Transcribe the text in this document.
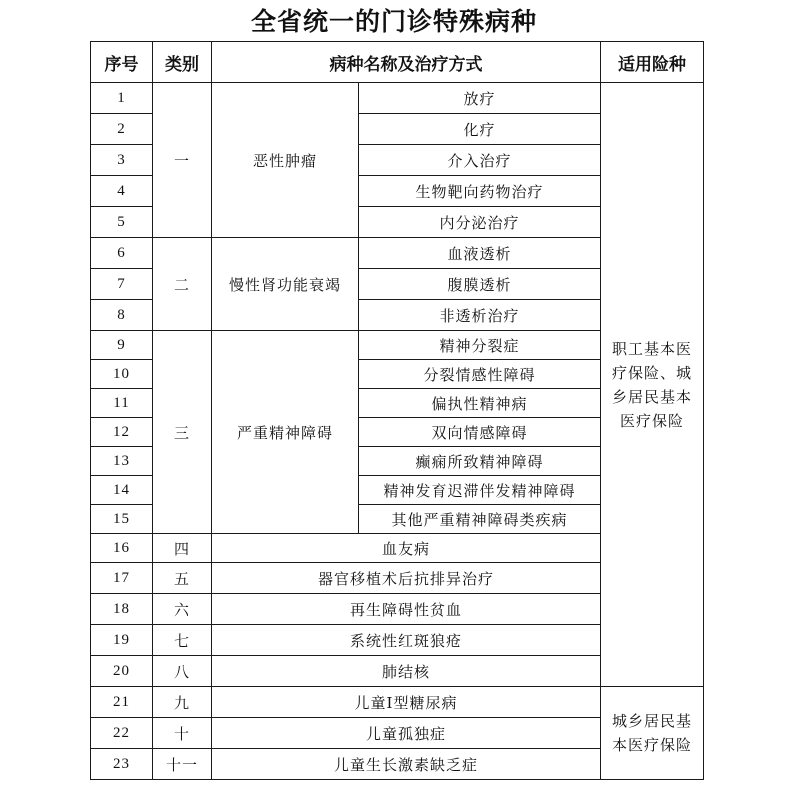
全省统一的门诊特殊病种
序号	类别	病种名称及治疗方式		适用险种
1	一	恶性肿瘤	放疗	职工基本医疗保险、城乡居民基本医疗保险
2			化疗	
3			介入治疗	
4			生物靶向药物治疗	
5			内分泌治疗	
6	二	慢性肾功能衰竭	血液透析	
7			腹膜透析	
8			非透析治疗	
9	三	严重精神障碍	精神分裂症	
10			分裂情感性障碍	
11			偏执性精神病	
12			双向情感障碍	
13			癫痫所致精神障碍	
14			精神发育迟滞伴发精神障碍	
15			其他严重精神障碍类疾病	
16	四	血友病		
17	五	器官移植术后抗排异治疗		
18	六	再生障碍性贫血		
19	七	系统性红斑狼疮		
20	八	肺结核		
21	九	儿童I型糖尿病		城乡居民基本医疗保险
22	十	儿童孤独症		
23	十一	儿童生长激素缺乏症		
